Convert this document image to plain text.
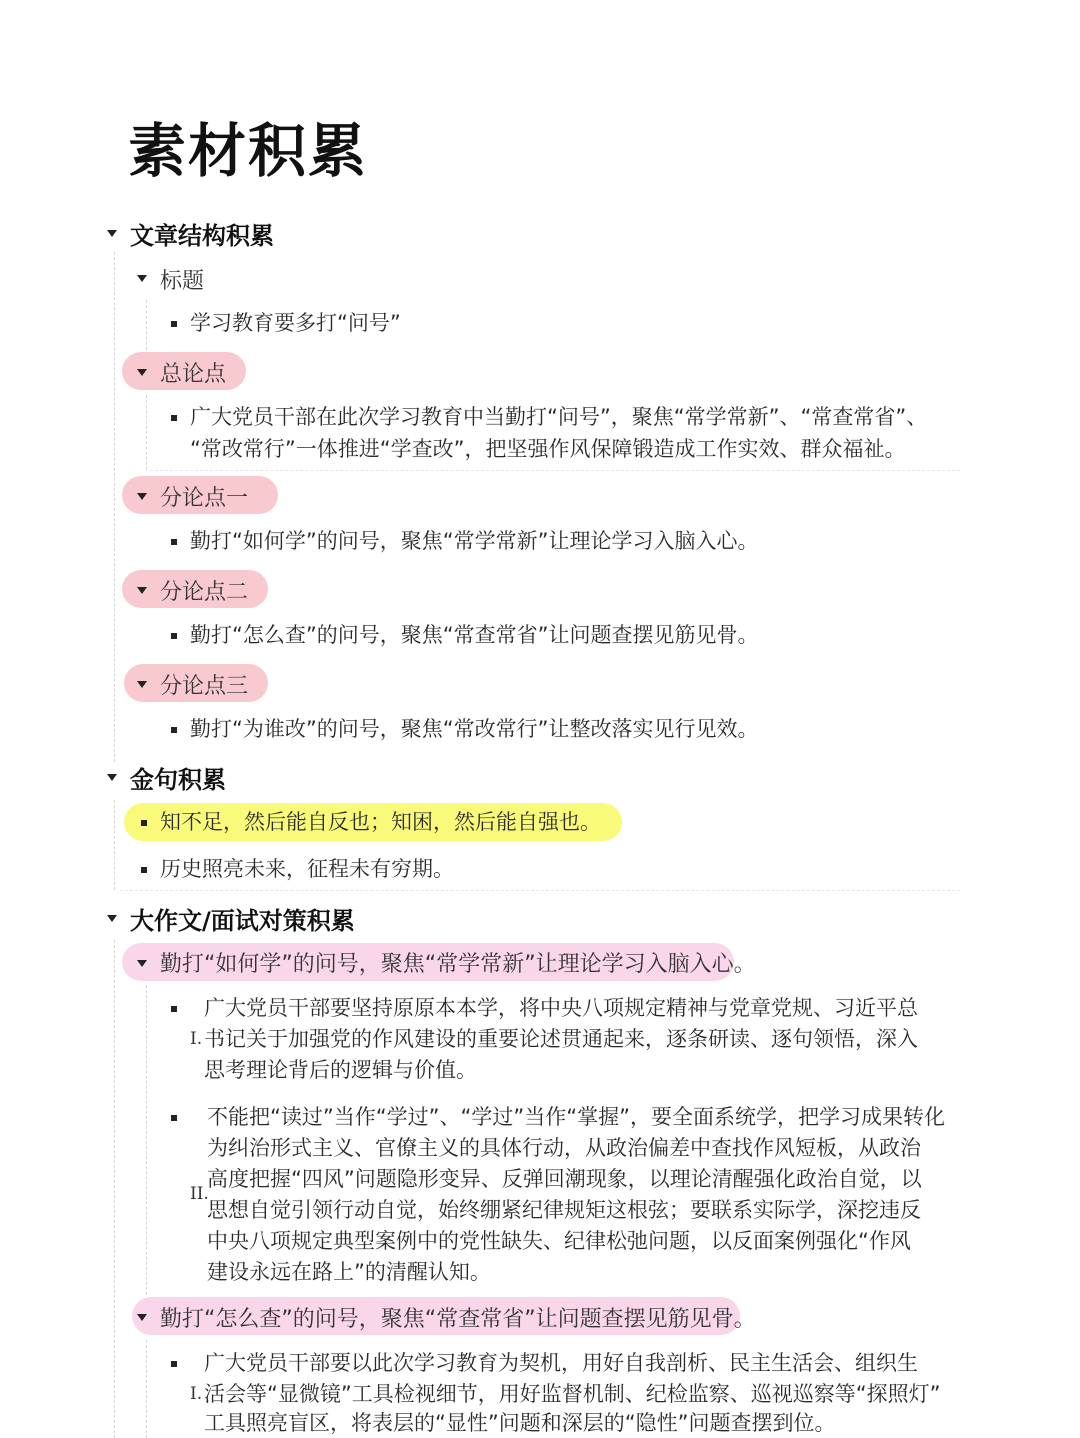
素材积累
文章结构积累
标题
学习教育要多打“问号”
总论点
广大党员干部在此次学习教育中当勤打“问号”，聚焦“常学常新”、“常查常省”、
“常改常行”一体推进“学查改”，把坚强作风保障锻造成工作实效、群众福祉。
分论点一
勤打“如何学”的问号，聚焦“常学常新”让理论学习入脑入心。
分论点二
勤打“怎么查”的问号，聚焦“常查常省”让问题查摆见筋见骨。
分论点三
勤打“为谁改”的问号，聚焦“常改常行”让整改落实见行见效。
金句积累
知不足，然后能自反也；知困，然后能自强也。
历史照亮未来，征程未有穷期。
大作文/面试对策积累
勤打“如何学”的问号，聚焦“常学常新”让理论学习入脑入心。
I.
广大党员干部要坚持原原本本学，将中央八项规定精神与党章党规、习近平总
书记关于加强党的作风建设的重要论述贯通起来，逐条研读、逐句领悟，深入
思考理论背后的逻辑与价值。
II.
不能把“读过”当作“学过”、“学过”当作“掌握”，要全面系统学，把学习成果转化
为纠治形式主义、官僚主义的具体行动，从政治偏差中查找作风短板，从政治
高度把握“四风”问题隐形变异、反弹回潮现象，以理论清醒强化政治自觉，以
思想自觉引领行动自觉，始终绷紧纪律规矩这根弦；要联系实际学，深挖违反
中央八项规定典型案例中的党性缺失、纪律松弛问题，以反面案例强化“作风
建设永远在路上”的清醒认知。
勤打“怎么查”的问号，聚焦“常查常省”让问题查摆见筋见骨。
I.
广大党员干部要以此次学习教育为契机，用好自我剖析、民主生活会、组织生
活会等“显微镜”工具检视细节，用好监督机制、纪检监察、巡视巡察等“探照灯”
工具照亮盲区，将表层的“显性”问题和深层的“隐性”问题查摆到位。
